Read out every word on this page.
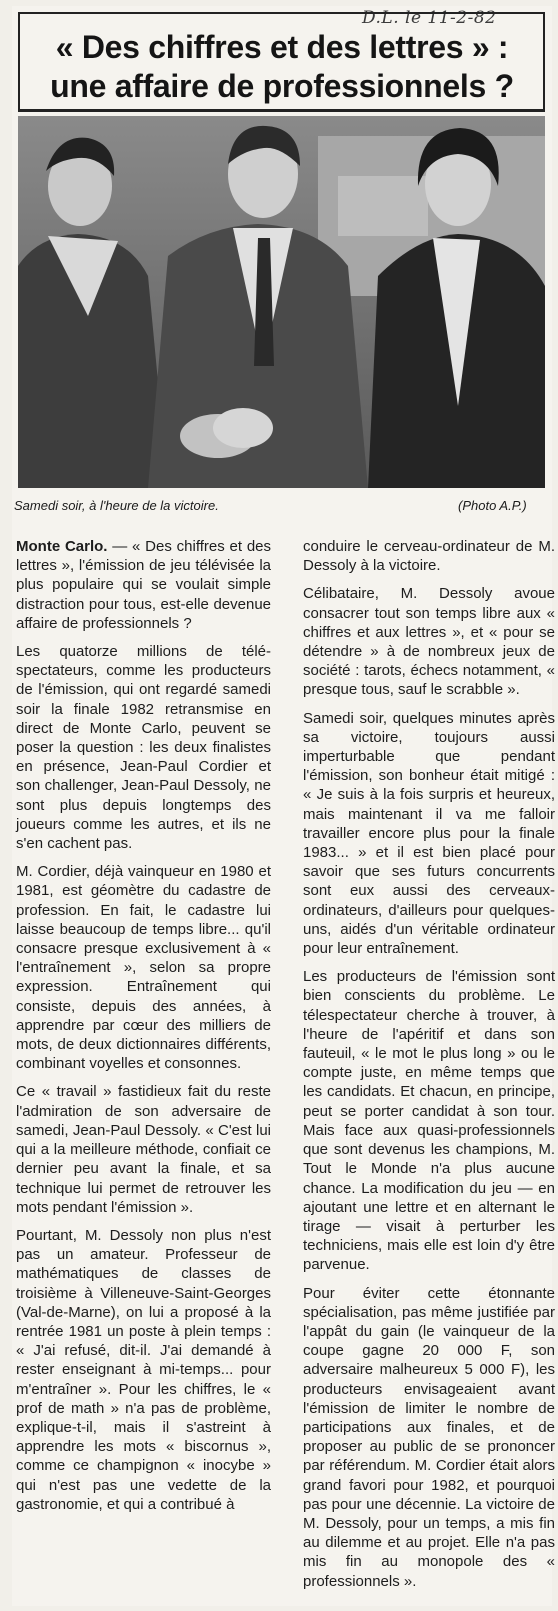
D.L. le 11-2-82
« Des chiffres et des lettres » :
une affaire de professionnels ?
Samedi soir, à l'heure de la victoire.	(Photo A.P.)

Monte Carlo. — « Des chiffres et des lettres », l'émission de jeu télévisée la plus populaire qui se voulait simple distraction pour tous, est-elle devenue affaire de professionnels ?

Les quatorze millions de télé-spectateurs, comme les producteurs de l'émission, qui ont regardé samedi soir la finale 1982 retransmise en direct de Monte Carlo, peuvent se poser la question : les deux finalistes en présence, Jean-Paul Cordier et son challenger, Jean-Paul Dessoly, ne sont plus depuis longtemps des joueurs comme les autres, et ils ne s'en cachent pas.

M. Cordier, déjà vainqueur en 1980 et 1981, est géomètre du cadastre de profession. En fait, le cadastre lui laisse beaucoup de temps libre... qu'il consacre presque exclusivement à « l'entraînement », selon sa propre expression. Entraînement qui consiste, depuis des années, à apprendre par cœur des milliers de mots, de deux dictionnaires différents, combinant voyelles et consonnes.

Ce « travail » fastidieux fait du reste l'admiration de son adversaire de samedi, Jean-Paul Dessoly. « C'est lui qui a la meilleure méthode, confiait ce dernier peu avant la finale, et sa technique lui permet de retrouver les mots pendant l'émission ».

Pourtant, M. Dessoly non plus n'est pas un amateur. Professeur de mathématiques de classes de troisième à Villeneuve-Saint-Georges (Val-de-Marne), on lui a proposé à la rentrée 1981 un poste à plein temps : « J'ai refusé, dit-il. J'ai demandé à rester enseignant à mi-temps... pour m'entraîner ». Pour les chiffres, le « prof de math » n'a pas de problème, explique-t-il, mais il s'astreint à apprendre les mots « biscornus », comme ce champignon « inocybe » qui n'est pas une vedette de la gastronomie, et qui a contribué à

conduire le cerveau-ordinateur de M. Dessoly à la victoire.

Célibataire, M. Dessoly avoue consacrer tout son temps libre aux « chiffres et aux lettres », et « pour se détendre » à de nombreux jeux de société : tarots, échecs notamment, « presque tous, sauf le scrabble ».

Samedi soir, quelques minutes après sa victoire, toujours aussi imperturbable que pendant l'émission, son bonheur était mitigé : « Je suis à la fois surpris et heureux, mais maintenant il va me falloir travailler encore plus pour la finale 1983... » et il est bien placé pour savoir que ses futurs concurrents sont eux aussi des cerveaux-ordinateurs, d'ailleurs pour quelques-uns, aidés d'un véritable ordinateur pour leur entraînement.

Les producteurs de l'émission sont bien conscients du problème. Le télespectateur cherche à trouver, à l'heure de l'apéritif et dans son fauteuil, « le mot le plus long » ou le compte juste, en même temps que les candidats. Et chacun, en principe, peut se porter candidat à son tour. Mais face aux quasi-professionnels que sont devenus les champions, M. Tout le Monde n'a plus aucune chance. La modification du jeu — en ajoutant une lettre et en alternant le tirage — visait à perturber les techniciens, mais elle est loin d'y être parvenue.

Pour éviter cette étonnante spécialisation, pas même justifiée par l'appât du gain (le vainqueur de la coupe gagne 20 000 F, son adversaire malheureux 5 000 F), les producteurs envisageaient avant l'émission de limiter le nombre de participations aux finales, et de proposer au public de se prononcer par référendum. M. Cordier était alors grand favori pour 1982, et pourquoi pas pour une décennie. La victoire de M. Dessoly, pour un temps, a mis fin au dilemme et au projet. Elle n'a pas mis fin au monopole des « professionnels ».
